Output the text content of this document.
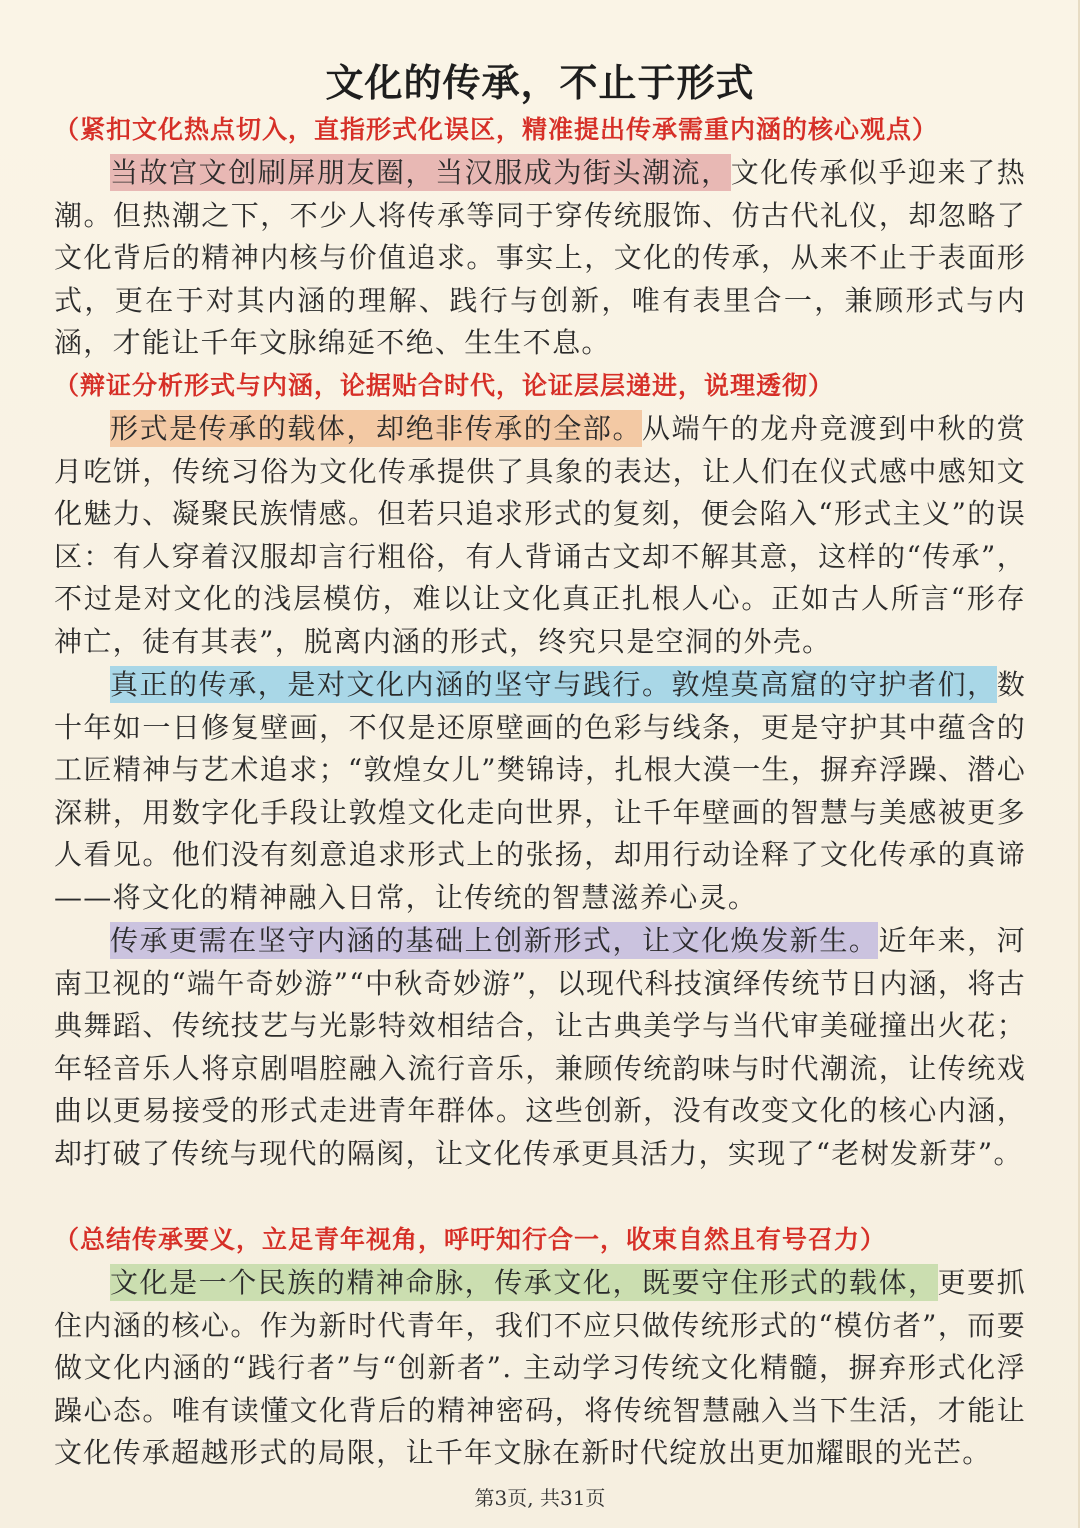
文化的传承，不止于形式
（紧扣文化热点切入，直指形式化误区，精准提出传承需重内涵的核心观点）
当故宫文创刷屏朋友圈，当汉服成为街头潮流，文化传承似乎迎来了热潮。但热潮之下，不少人将传承等同于穿传统服饰、仿古代礼仪，却忽略了文化背后的精神内核与价值追求。事实上，文化的传承，从来不止于表面形式，更在于对其内涵的理解、践行与创新，唯有表里合一，兼顾形式与内涵，才能让千年文脉绵延不绝、生生不息。
（辩证分析形式与内涵，论据贴合时代，论证层层递进，说理透彻）
形式是传承的载体，却绝非传承的全部。从端午的龙舟竞渡到中秋的赏月吃饼，传统习俗为文化传承提供了具象的表达，让人们在仪式感中感知文化魅力、凝聚民族情感。但若只追求形式的复刻，便会陷入“形式主义”的误区：有人穿着汉服却言行粗俗，有人背诵古文却不解其意，这样的“传承”，不过是对文化的浅层模仿，难以让文化真正扎根人心。正如古人所言“形存神亡，徒有其表”，脱离内涵的形式，终究只是空洞的外壳。
真正的传承，是对文化内涵的坚守与践行。敦煌莫高窟的守护者们，数十年如一日修复壁画，不仅是还原壁画的色彩与线条，更是守护其中蕴含的工匠精神与艺术追求；“敦煌女儿”樊锦诗，扎根大漠一生，摒弃浮躁、潜心深耕，用数字化手段让敦煌文化走向世界，让千年壁画的智慧与美感被更多人看见。他们没有刻意追求形式上的张扬，却用行动诠释了文化传承的真谛——将文化的精神融入日常，让传统的智慧滋养心灵。
传承更需在坚守内涵的基础上创新形式，让文化焕发新生。近年来，河南卫视的“端午奇妙游”“中秋奇妙游”，以现代科技演绎传统节日内涵，将古典舞蹈、传统技艺与光影特效相结合，让古典美学与当代审美碰撞出火花；年轻音乐人将京剧唱腔融入流行音乐，兼顾传统韵味与时代潮流，让传统戏曲以更易接受的形式走进青年群体。这些创新，没有改变文化的核心内涵，却打破了传统与现代的隔阂，让文化传承更具活力，实现了“老树发新芽”。
（总结传承要义，立足青年视角，呼吁知行合一，收束自然且有号召力）
文化是一个民族的精神命脉，传承文化，既要守住形式的载体，更要抓住内涵的核心。作为新时代青年，我们不应只做传统形式的“模仿者”，而要做文化内涵的“践行者”与“创新者”. 主动学习传统文化精髓，摒弃形式化浮躁心态。唯有读懂文化背后的精神密码，将传统智慧融入当下生活，才能让文化传承超越形式的局限，让千年文脉在新时代绽放出更加耀眼的光芒。
第3页, 共31页
